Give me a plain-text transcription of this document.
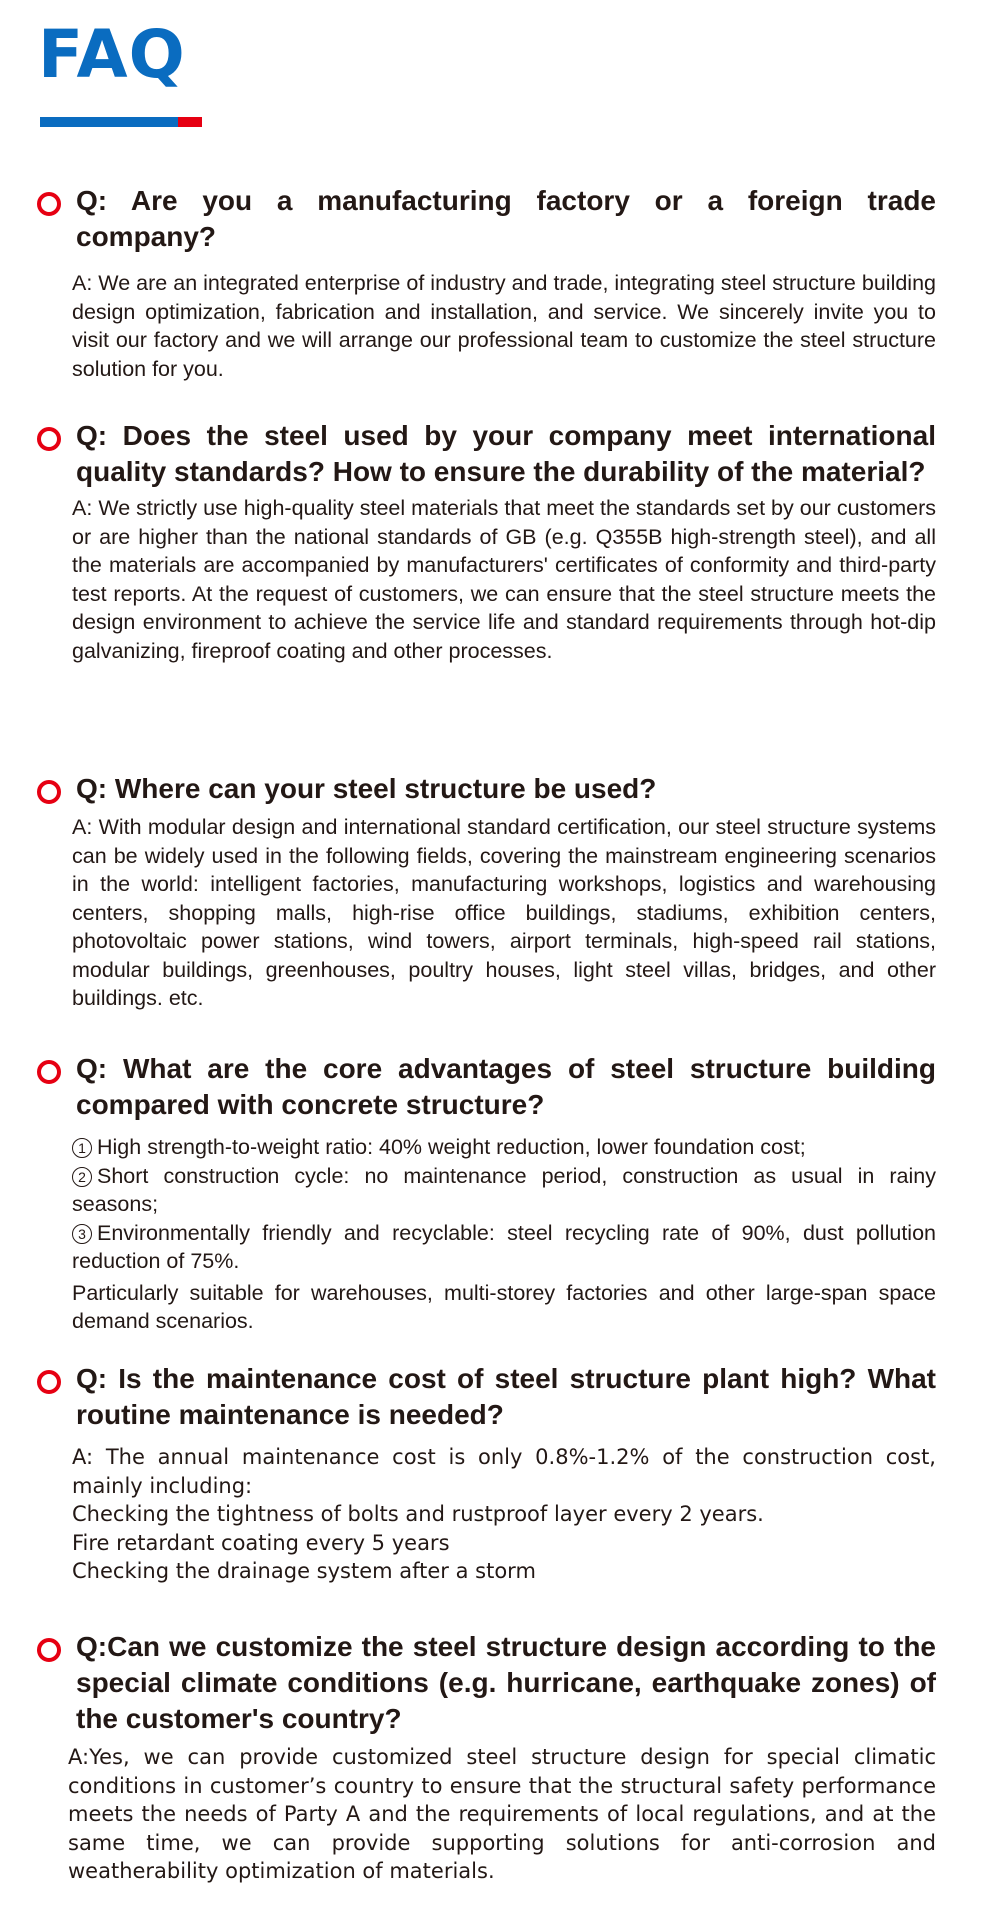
FAQ

Q: Are you a manufacturing factory or a foreign trade company?

A: We are an integrated enterprise of industry and trade, integrating steel structure building design optimization, fabrication and installation, and service. We sincerely invite you to visit our factory and we will arrange our professional team to customize the steel structure solution for you.

Q: Does the steel used by your company meet international quality standards? How to ensure the durability of the material?

A: We strictly use high-quality steel materials that meet the standards set by our customers or are higher than the national standards of GB (e.g. Q355B high-strength steel), and all the materials are accompanied by manufacturers' certificates of conformity and third-party test reports. At the request of customers, we can ensure that the steel structure meets the design environment to achieve the service life and standard requirements through hot-dip galvanizing, fireproof coating and other processes.

Q: Where can your steel structure be used?

A: With modular design and international standard certification, our steel structure systems can be widely used in the following fields, covering the mainstream engineering scenarios in the world: intelligent factories, manufacturing workshops, logistics and warehousing centers, shopping malls, high-rise office buildings, stadiums, exhibition centers, photovoltaic power stations, wind towers, airport terminals, high-speed rail stations, modular buildings, greenhouses, poultry houses, light steel villas, bridges, and other buildings. etc.

Q: What are the core advantages of steel structure building compared with concrete structure?

1 High strength-to-weight ratio: 40% weight reduction, lower foundation cost;
2 Short construction cycle: no maintenance period, construction as usual in rainy seasons;
3 Environmentally friendly and recyclable: steel recycling rate of 90%, dust pollution reduction of 75%.
Particularly suitable for warehouses, multi-storey factories and other large-span space demand scenarios.

Q: Is the maintenance cost of steel structure plant high? What routine maintenance is needed?

A: The annual maintenance cost is only 0.8%-1.2% of the construction cost, mainly including:
Checking the tightness of bolts and rustproof layer every 2 years.
Fire retardant coating every 5 years
Checking the drainage system after a storm

Q:Can we customize the steel structure design according to the special climate conditions (e.g. hurricane, earthquake zones) of the customer's country?

A:Yes, we can provide customized steel structure design for special climatic conditions in customer’s country to ensure that the structural safety performance meets the needs of Party A and the requirements of local regulations, and at the same time, we can provide supporting solutions for anti-corrosion and weatherability optimization of materials.
